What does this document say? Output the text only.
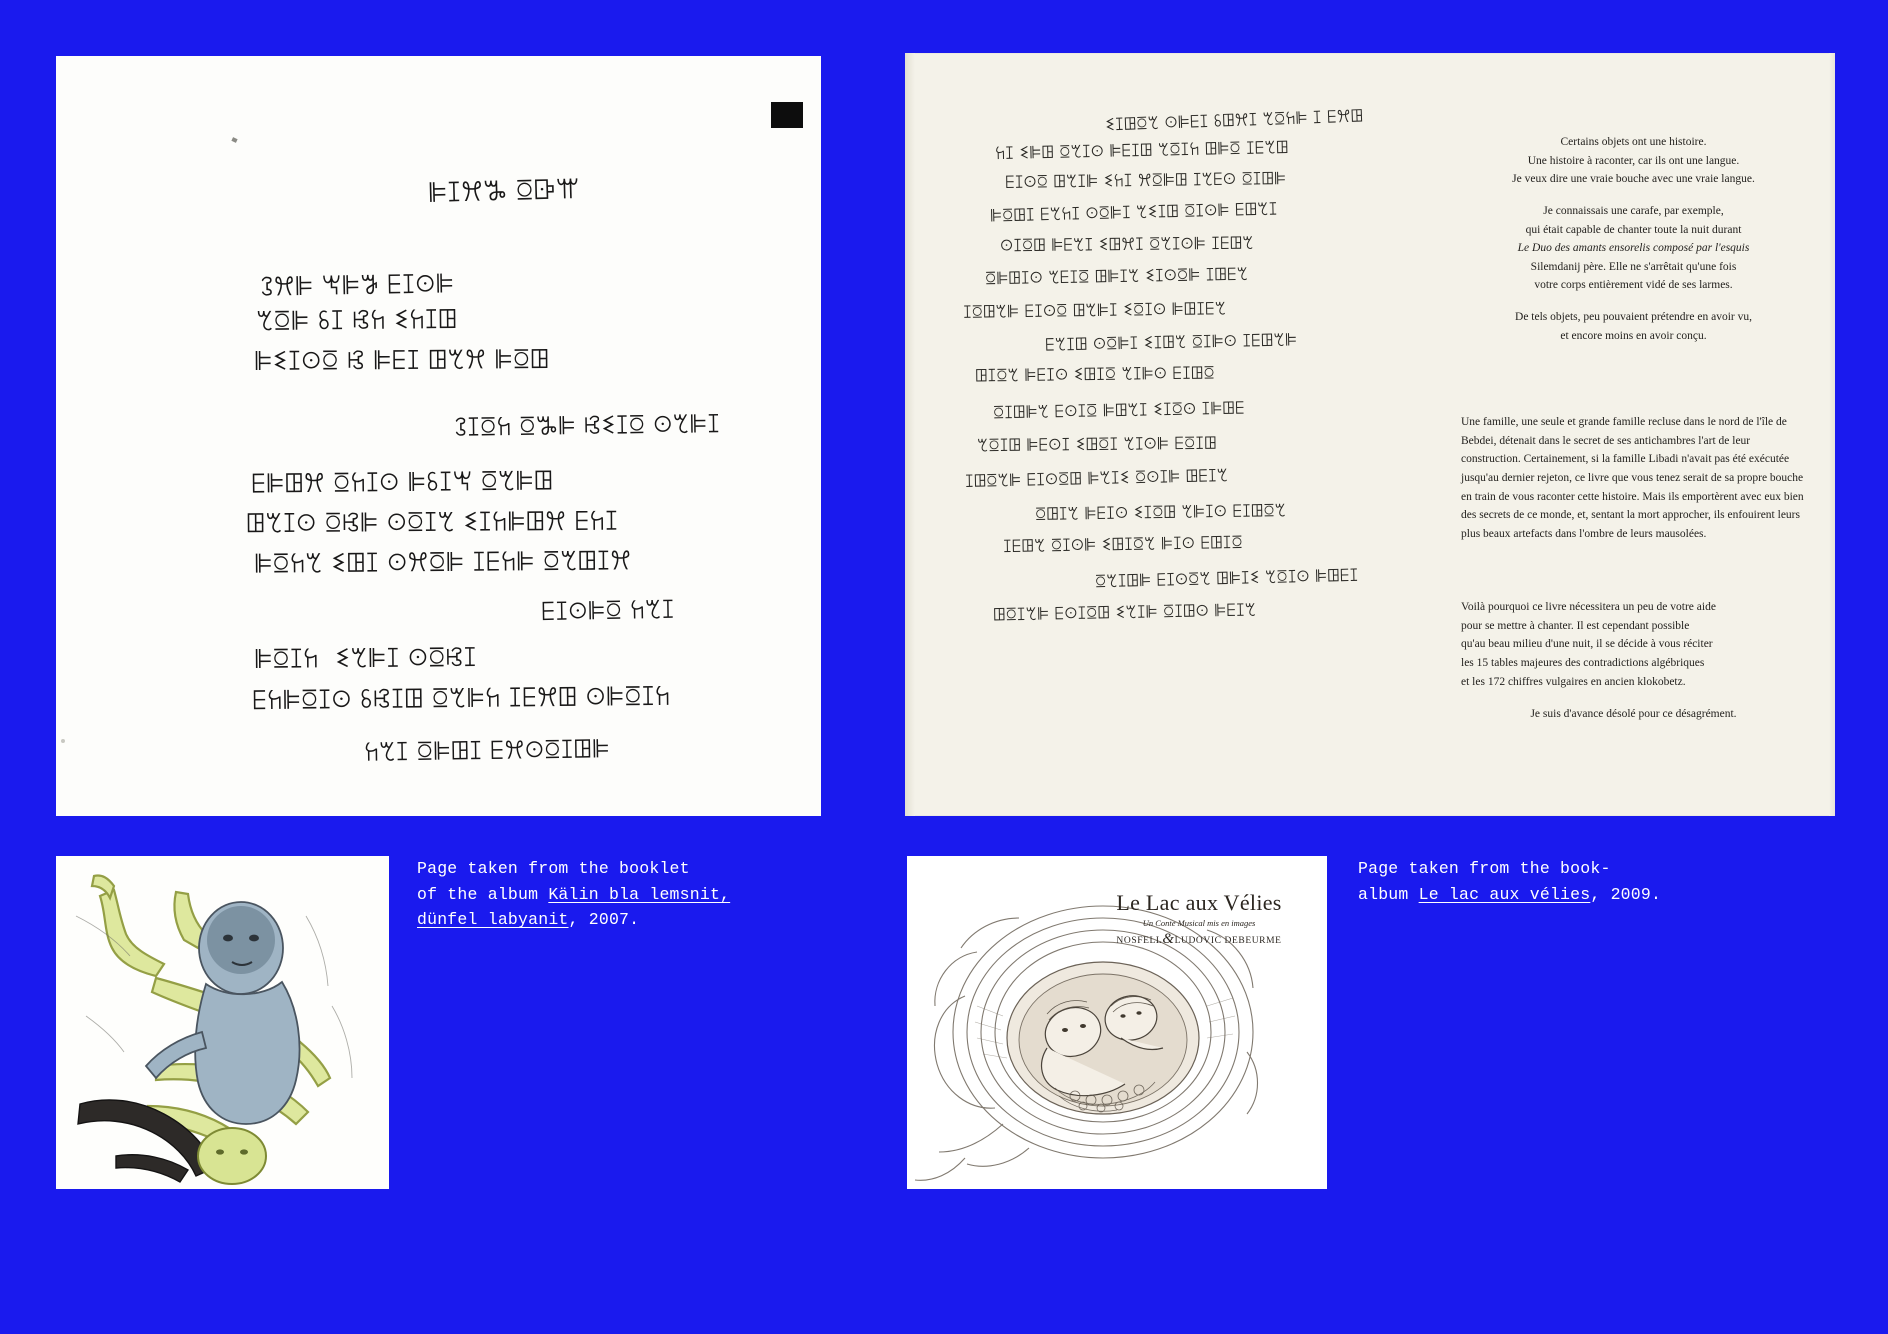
ꕞꕯꕮꖆ ꗞꕒꕌ
ꕘꕮꕞ ꖙꕞꖃ ꗋꕯꖴꕞ
ꕎꗞꕞ ꗏꕯ ꕙꖷ ꗨꖷꕯꖸ
ꕞꗨꕯꖴꗞ ꕙ ꕞꗋꕯ ꖸꕎꕮ ꕞꗞꖸ
ꕘꕯꗞꖷ ꗞꖆꕞ ꕙꗨꕯꗞ ꖴꕎꕞꕯ
ꗋꕞꖸꕮ ꗞꖷꕯꖴ ꕞꗏꕯꖙ ꗞꕎꕞꖸ
ꖸꕎꕯꖴ ꗞꕙꕞ ꖴꗞꕯꕎ ꗨꕯꖷꕞꖸꕮ ꗋꖷꕯ
ꕞꗞꖷꕎ ꗨꖸꕯ ꖴꕮꗞꕞ ꕯꗋꖷꕞ ꗞꕎꖸꕯꕮ
ꗋꕯꖴꕞꗞ ꖷꕎꕯ
ꕞꗞꕯꖷ  ꗨꕎꕞꕯ ꖴꗞꕙꕯ
ꗋꖷꕞꗞꕯꖴ ꗏꕙꕯꖸ ꗞꕎꕞꖷ ꕯꗋꕮꖸ ꖴꕞꗞꕯꖷ
ꖷꕎꕯ ꗞꕞꖸꕯ ꗋꕮꖴꗞꕯꖸꕞ
ꗨꕯꖸꗞꕎ ꖴꕞꗋꕯ ꗏꖸꕮꕯ ꕎꗞꖷꕞ ꕯ ꗋꕮꖸ
ꖷꕯ ꗨꕞꖸ ꗞꕎꕯꖴ ꕞꗋꕯꖸ ꕎꗞꕯꖷ ꖸꕞꗞ ꕯꗋꕎꖸ
ꗋꕯꖴꗞ ꖸꕎꕯꕞ ꗨꖷꕯ ꕮꗞꕞꖸ ꕯꕎꗋꖴ ꗞꕯꖸꕞ
ꕞꗞꖸꕯ ꗋꕎꖷꕯ ꖴꗞꕞꕯ ꕎꗨꕯꖸ ꗞꕯꖴꕞ ꗋꖸꕎꕯ
ꖴꕯꗞꖸ ꕞꗋꕎꕯ ꗨꖸꕮꕯ ꗞꕎꕯꖴꕞ ꕯꗋꖸꕎ
ꗞꕞꖸꕯꖴ ꕎꗋꕯꗞ ꖸꕞꕯꕎ ꗨꕯꖴꗞꕞ ꕯꖸꗋꕎ
ꕯꗞꖸꕎꕞ ꗋꕯꖴꗞ ꖸꕎꕞꕯ ꗨꗞꕯꖴ ꕞꖸꕯꗋꕎ
ꗋꕎꕯꖸ ꖴꗞꕞꕯ ꗨꕯꖸꕎ ꗞꕯꕞꖴ ꕯꗋꖸꕎꕞ
ꖸꕯꗞꕎ ꕞꗋꕯꖴ ꗨꖸꕯꗞ ꕎꕯꕞꖴ ꗋꕯꖸꗞ
ꗞꕯꖸꕞꕎ ꗋꖴꕯꗞ ꕞꖸꕎꕯ ꗨꕯꗞꖴ ꕯꕞꖸꗋ
ꕎꗞꕯꖸ ꕞꗋꖴꕯ ꗨꖸꗞꕯ ꕎꕯꖴꕞ ꗋꗞꕯꖸ
ꕯꖸꗞꕎꕞ ꗋꕯꖴꗞꖸ ꕞꕎꕯꗨ ꗞꖴꕯꕞ ꖸꗋꕯꕎ
ꗞꖸꕯꕎ ꕞꗋꕯꖴ ꗨꕯꗞꖸ ꕎꕞꕯꖴ ꗋꕯꖸꗞꕎ
ꕯꗋꖸꕎ ꗞꕯꖴꕞ ꗨꖸꕯꗞꕎ ꕞꕯꖴ ꗋꖸꕯꗞ
ꗞꕎꕯꖸꕞ ꗋꕯꖴꗞꕎ ꖸꕞꕯꗨ ꕎꗞꕯꖴ ꕞꖸꗋꕯ
ꖸꗞꕯꕎꕞ ꗋꖴꕯꗞꖸ ꗨꕎꕯꕞ ꗞꕯꖸꖴ ꕞꗋꕯꕎ

Certains objets ont une histoire.

Une histoire à raconter, car ils ont une langue.

Je veux dire une vraie bouche avec une vraie langue.

Je connaissais une carafe, par exemple,

qui était capable de chanter toute la nuit durant

Le Duo des amants ensorelis composé par l'esquis

Silemdanij père. Elle ne s'arrêtait qu'une fois

votre corps entièrement vidé de ses larmes.

De tels objets, peu pouvaient prétendre en avoir vu,

et encore moins en avoir conçu.

Une famille, une seule et grande famille recluse dans le nord de l'île de Bebdei, détenait dans le secret de ses antichambres l'art de leur construction. Certainement, si la famille Libadi n'avait pas été exécutée jusqu'au dernier rejeton, ce livre que vous tenez serait de sa propre bouche en train de vous raconter cette histoire. Mais ils emportèrent avec eux bien des secrets de ce monde, et, sentant la mort approcher, ils enfouirent leurs plus beaux artefacts dans l'ombre de leurs mausolées.

Voilà pourquoi ce livre nécessitera un peu de votre aide

pour se mettre à chanter. Il est cependant possible

qu'au beau milieu d'une nuit, il se décide à vous réciter

les 15 tables majeures des contradictions algébriques

et les 172 chiffres vulgaires en ancien klokobetz.

Je suis d'avance désolé pour ce désagrément.

Le Lac aux Vélies
Un Conte Musical mis en images
NOSFELL&LUDOVIC DEBEURME
Page taken from the booklet
of the album Kälin bla lemsnit, dünfel labyanit, 2007.
Page taken from the book-
album Le lac aux vélies, 2009.
